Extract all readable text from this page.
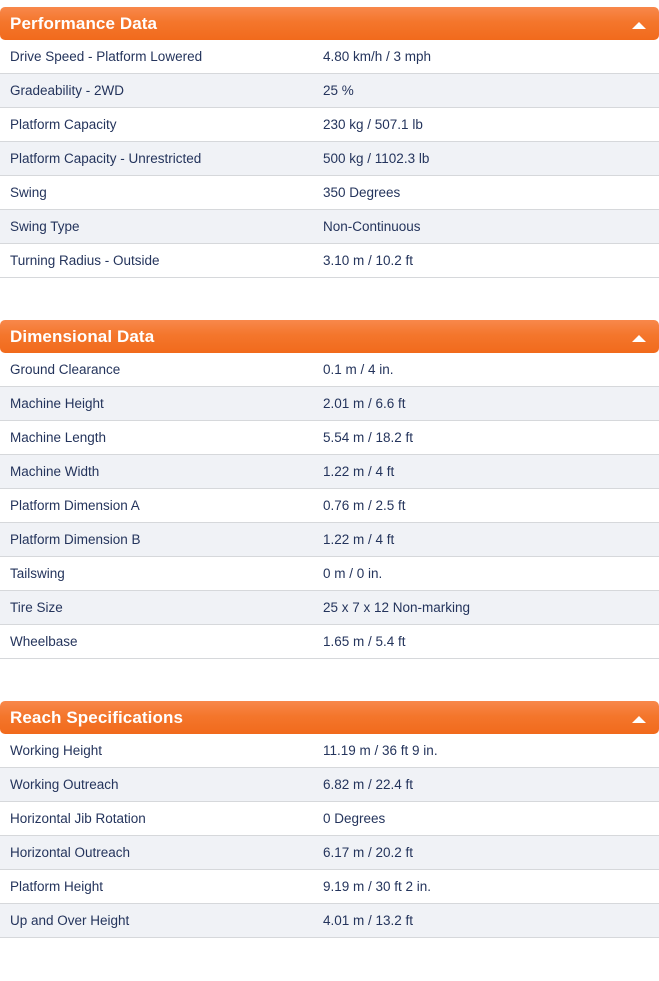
Performance Data
Drive Speed - Platform Lowered	4.80 km/h / 3 mph
Gradeability - 2WD	25 %
Platform Capacity	230 kg / 507.1 lb
Platform Capacity - Unrestricted	500 kg / 1102.3 lb
Swing	350 Degrees
Swing Type	Non-Continuous
Turning Radius - Outside	3.10 m / 10.2 ft
Dimensional Data
Ground Clearance	0.1 m / 4 in.
Machine Height	2.01 m / 6.6 ft
Machine Length	5.54 m / 18.2 ft
Machine Width	1.22 m / 4 ft
Platform Dimension A	0.76 m / 2.5 ft
Platform Dimension B	1.22 m / 4 ft
Tailswing	0 m / 0 in.
Tire Size	25 x 7 x 12 Non-marking
Wheelbase	1.65 m / 5.4 ft
Reach Specifications
Working Height	11.19 m / 36 ft 9 in.
Working Outreach	6.82 m / 22.4 ft
Horizontal Jib Rotation	0 Degrees
Horizontal Outreach	6.17 m / 20.2 ft
Platform Height	9.19 m / 30 ft 2 in.
Up and Over Height	4.01 m / 13.2 ft
